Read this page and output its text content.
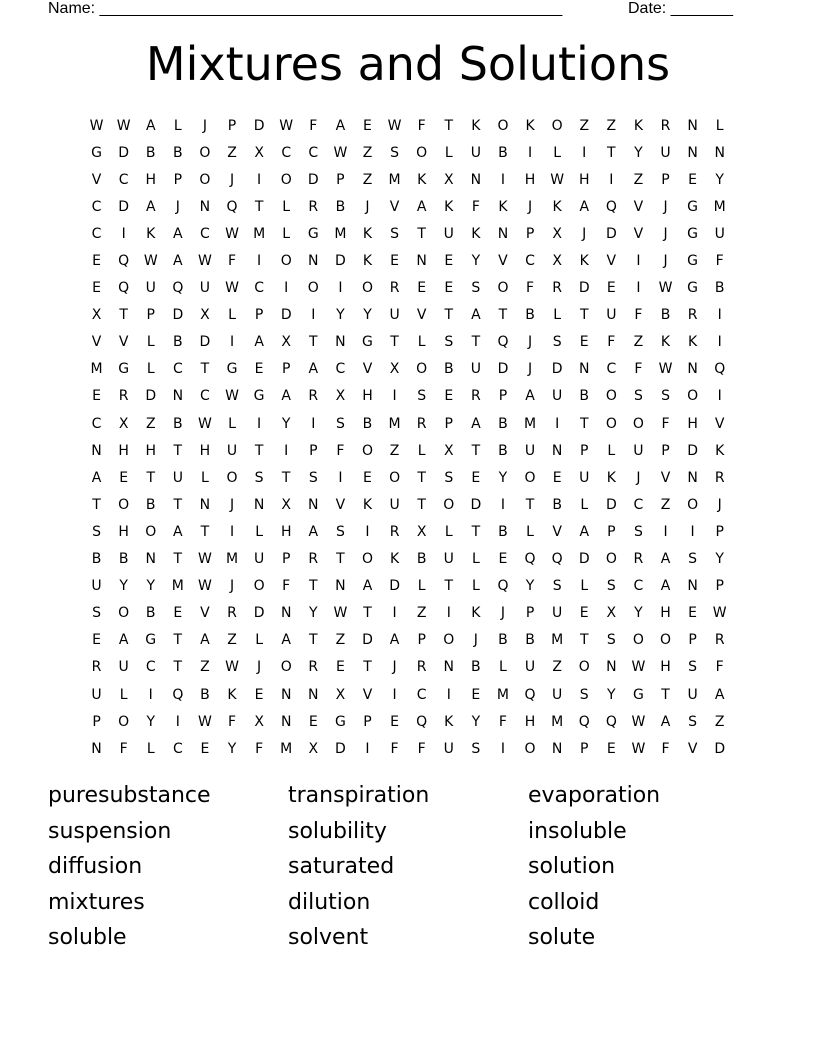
Name: ____________________________________________________	Date: _______
Mixtures and Solutions
W W	A	L	J	P	D	W	F	A	E	W	F	T	K	O	K	O	Z	Z	K	R	N	L
G	D	B	B	O	Z	X	C	C	W	Z	S	O	L	U	B	I	L	I	T	Y	U	N	N
V	C	H	P	O	J	I	O	D	P	Z	M	K	X	N	I	H	W	H	I	Z	P	E	Y
C	D	A	J	N	Q	T	L	R	B	J	V	A	K	F	K	J	K	A	Q	V	J	G	M
C	I	K	A	C	W	M	L	G	M	K	S	T	U	K	N	P	X	J	D	V	J	G	U
E	Q	W	A	W	F	I	O	N	D	K	E	N	E	Y	V	C	X	K	V	I	J	G	F
E	Q	U	Q	U	W	C	I	O	I	O	R	E	E	S	O	F	R	D	E	I	W	G	B
X	T	P	D	X	L	P	D	I	Y	Y	U	V	T	A	T	B	L	T	U	F	B	R	I
V	V	L	B	D	I	A	X	T	N	G	T	L	S	T	Q	J	S	E	F	Z	K	K	I
M	G	L	C	T	G	E	P	A	C	V	X	O	B	U	D	J	D	N	C	F	W	N	Q
E	R	D	N	C	W	G	A	R	X	H	I	S	E	R	P	A	U	B	O	S	S	O	I
C	X	Z	B	W	L	I	Y	I	S	B	M	R	P	A	B	M	I	T	O	O	F	H	V
N	H	H	T	H	U	T	I	P	F	O	Z	L	X	T	B	U	N	P	L	U	P	D	K
A	E	T	U	L	O	S	T	S	I	E	O	T	S	E	Y	O	E	U	K	J	V	N	R
T	O	B	T	N	J	N	X	N	V	K	U	T	O	D	I	T	B	L	D	C	Z	O	J
S	H	O	A	T	I	L	H	A	S	I	R	X	L	T	B	L	V	A	P	S	I	I	P
B	B	N	T	W	M	U	P	R	T	O	K	B	U	L	E	Q	Q	D	O	R	A	S	Y
U	Y	Y	M	W	J	O	F	T	N	A	D	L	T	L	Q	Y	S	L	S	C	A	N	P
S	O	B	E	V	R	D	N	Y	W	T	I	Z	I	K	J	P	U	E	X	Y	H	E	W
E	A	G	T	A	Z	L	A	T	Z	D	A	P	O	J	B	B	M	T	S	O	O	P	R
R	U	C	T	Z	W	J	O	R	E	T	J	R	N	B	L	U	Z	O	N	W	H	S	F
U	L	I	Q	B	K	E	N	N	X	V	I	C	I	E	M	Q	U	S	Y	G	T	U	A
P	O	Y	I	W	F	X	N	E	G	P	E	Q	K	Y	F	H	M	Q	Q	W	A	S	Z
N	F	L	C	E	Y	F	M	X	D	I	F	F	U	S	I	O	N	P	E	W	F	V	D
puresubstance	transpiration	evaporation
suspension	solubility	insoluble
diffusion	saturated	solution
mixtures	dilution	colloid
soluble	solvent	solute
